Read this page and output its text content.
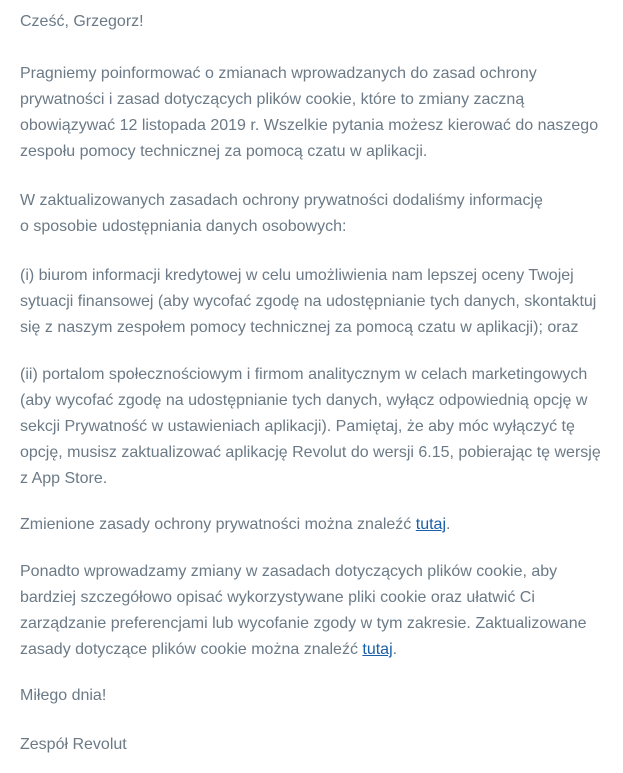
Cześć, Grzegorz!
Pragniemy poinformować o zmianach wprowadzanych do zasad ochrony
prywatności i zasad dotyczących plików cookie, które to zmiany zaczną
obowiązywać 12 listopada 2019 r. Wszelkie pytania możesz kierować do naszego
zespołu pomocy technicznej za pomocą czatu w aplikacji.
W zaktualizowanych zasadach ochrony prywatności dodaliśmy informację
o sposobie udostępniania danych osobowych:
(i) biurom informacji kredytowej w celu umożliwienia nam lepszej oceny Twojej
sytuacji finansowej (aby wycofać zgodę na udostępnianie tych danych, skontaktuj
się z naszym zespołem pomocy technicznej za pomocą czatu w aplikacji); oraz
(ii) portalom społecznościowym i firmom analitycznym w celach marketingowych
(aby wycofać zgodę na udostępnianie tych danych, wyłącz odpowiednią opcję w
sekcji Prywatność w ustawieniach aplikacji). Pamiętaj, że aby móc wyłączyć tę
opcję, musisz zaktualizować aplikację Revolut do wersji 6.15, pobierając tę wersję
z App Store.
Zmienione zasady ochrony prywatności można znaleźć tutaj.
Ponadto wprowadzamy zmiany w zasadach dotyczących plików cookie, aby
bardziej szczegółowo opisać wykorzystywane pliki cookie oraz ułatwić Ci
zarządzanie preferencjami lub wycofanie zgody w tym zakresie. Zaktualizowane
zasady dotyczące plików cookie można znaleźć tutaj.
Miłego dnia!
Zespół Revolut
